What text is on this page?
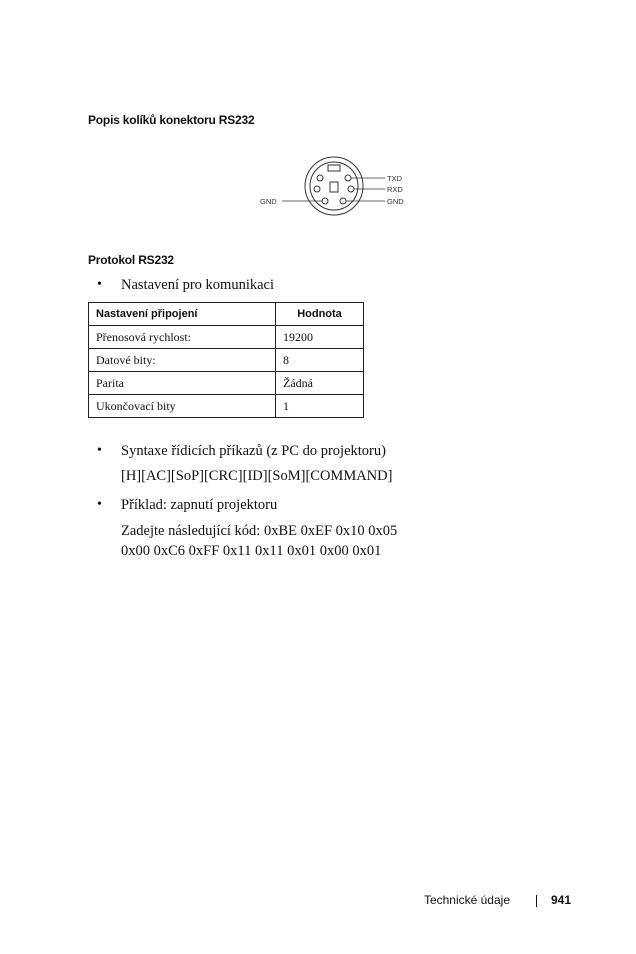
Popis kolíků konektoru RS232
TXD
RXD
GND
GND
Protokol RS232
• Nastavení pro komunikaci
Nastavení připojení	Hodnota
Přenosová rychlost:	19200
Datové bity:	8
Parita	Žádná
Ukončovací bity	1
• Syntaxe řídicích příkazů (z PC do projektoru)
[H][AC][SoP][CRC][ID][SoM][COMMAND]
• Příklad: zapnutí projektoru
Zadejte následující kód: 0xBE 0xEF 0x10 0x05
0x00 0xC6 0xFF 0x11 0x11 0x01 0x00 0x01
Technické údaje	941
